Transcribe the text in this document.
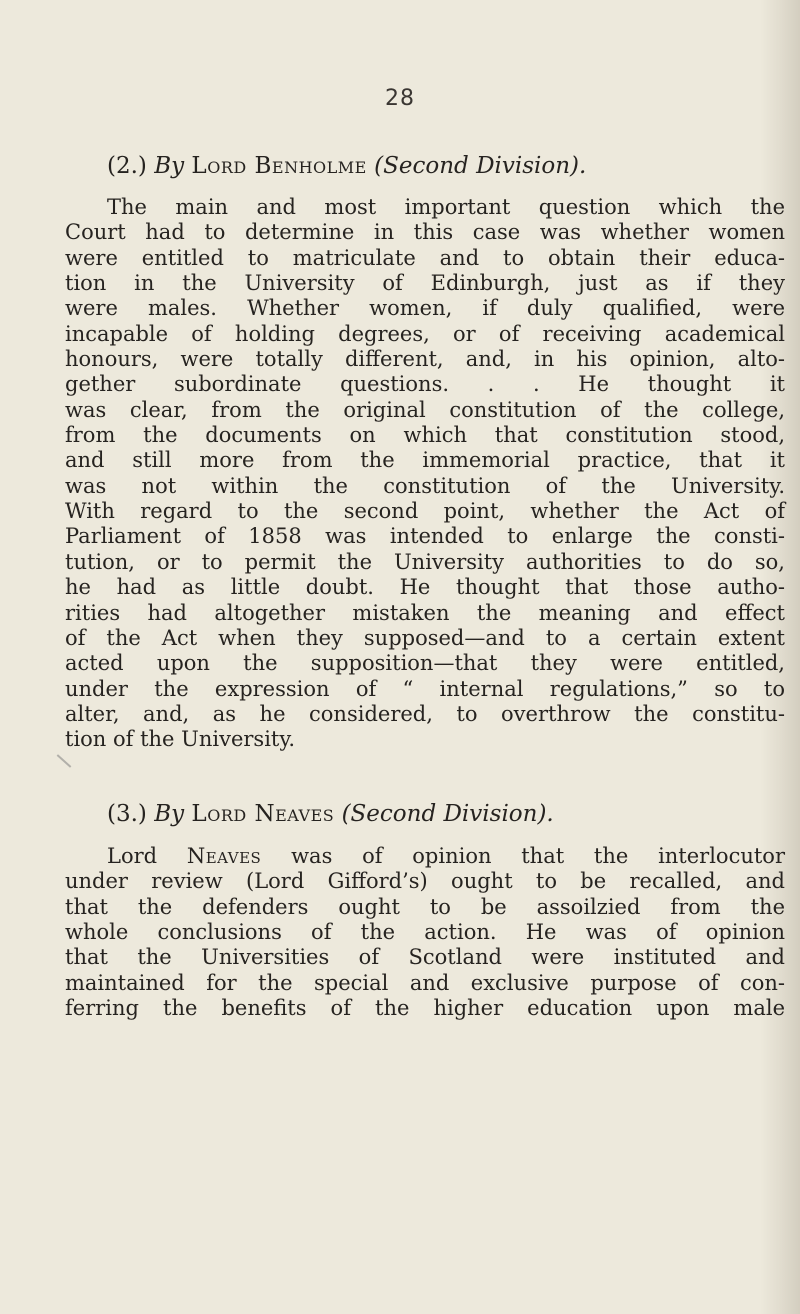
28
(2.) By Lord Benholme (Second Division).
The main and most important question which the
Court had to determine in this case was whether women
were entitled to matriculate and to obtain their educa-
tion in the University of Edinburgh, just as if they
were males. Whether women, if duly qualified, were
incapable of holding degrees, or of receiving academical
honours, were totally different, and, in his opinion, alto-
gether subordinate questions. . . He thought it
was clear, from the original constitution of the college,
from the documents on which that constitution stood,
and still more from the immemorial practice, that it
was not within the constitution of the University.
With regard to the second point, whether the Act of
Parliament of 1858 was intended to enlarge the consti-
tution, or to permit the University authorities to do so,
he had as little doubt. He thought that those autho-
rities had altogether mistaken the meaning and effect
of the Act when they supposed—and to a certain extent
acted upon the supposition—that they were entitled,
under the expression of “ internal regulations,” so to
alter, and, as he considered, to overthrow the constitu-
tion of the University.
(3.) By Lord Neaves (Second Division).
Lord Neaves was of opinion that the interlocutor
under review (Lord Gifford’s) ought to be recalled, and
that the defenders ought to be assoilzied from the
whole conclusions of the action. He was of opinion
that the Universities of Scotland were instituted and
maintained for the special and exclusive purpose of con-
ferring the benefits of the higher education upon male
